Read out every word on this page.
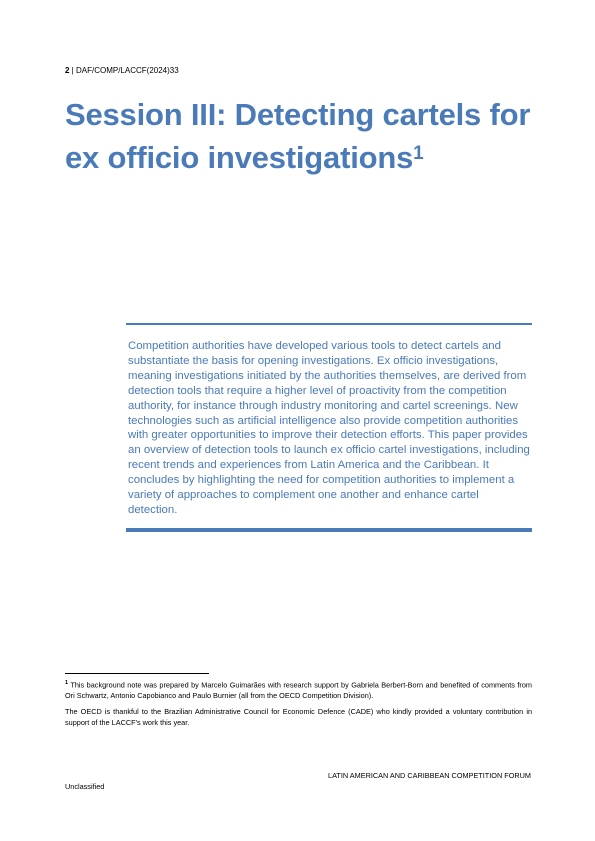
2 | DAF/COMP/LACCF(2024)33
Session III: Detecting cartels for ex officio investigations$^1$

Competition authorities have developed various tools to detect cartels and substantiate the basis for opening investigations. Ex officio investigations, meaning investigations initiated by the authorities themselves, are derived from detection tools that require a higher level of proactivity from the competition authority, for instance through industry monitoring and cartel screenings. New technologies such as artificial intelligence also provide competition authorities with greater opportunities to improve their detection efforts. This paper provides an overview of detection tools to launch ex officio cartel investigations, including recent trends and experiences from Latin America and the Caribbean. It concludes by highlighting the need for competition authorities to implement a variety of approaches to complement one another and enhance cartel detection.

$^1$ This background note was prepared by Marcelo Guimarães with research support by Gabriela Berbert-Born and benefited of comments from Ori Schwartz, Antonio Capobianco and Paulo Burnier (all from the OECD Competition Division).

The OECD is thankful to the Brazilian Administrative Council for Economic Defence (CADE) who kindly provided a voluntary contribution in support of the LACCF's work this year.

LATIN AMERICAN AND CARIBBEAN COMPETITION FORUM
Unclassified
